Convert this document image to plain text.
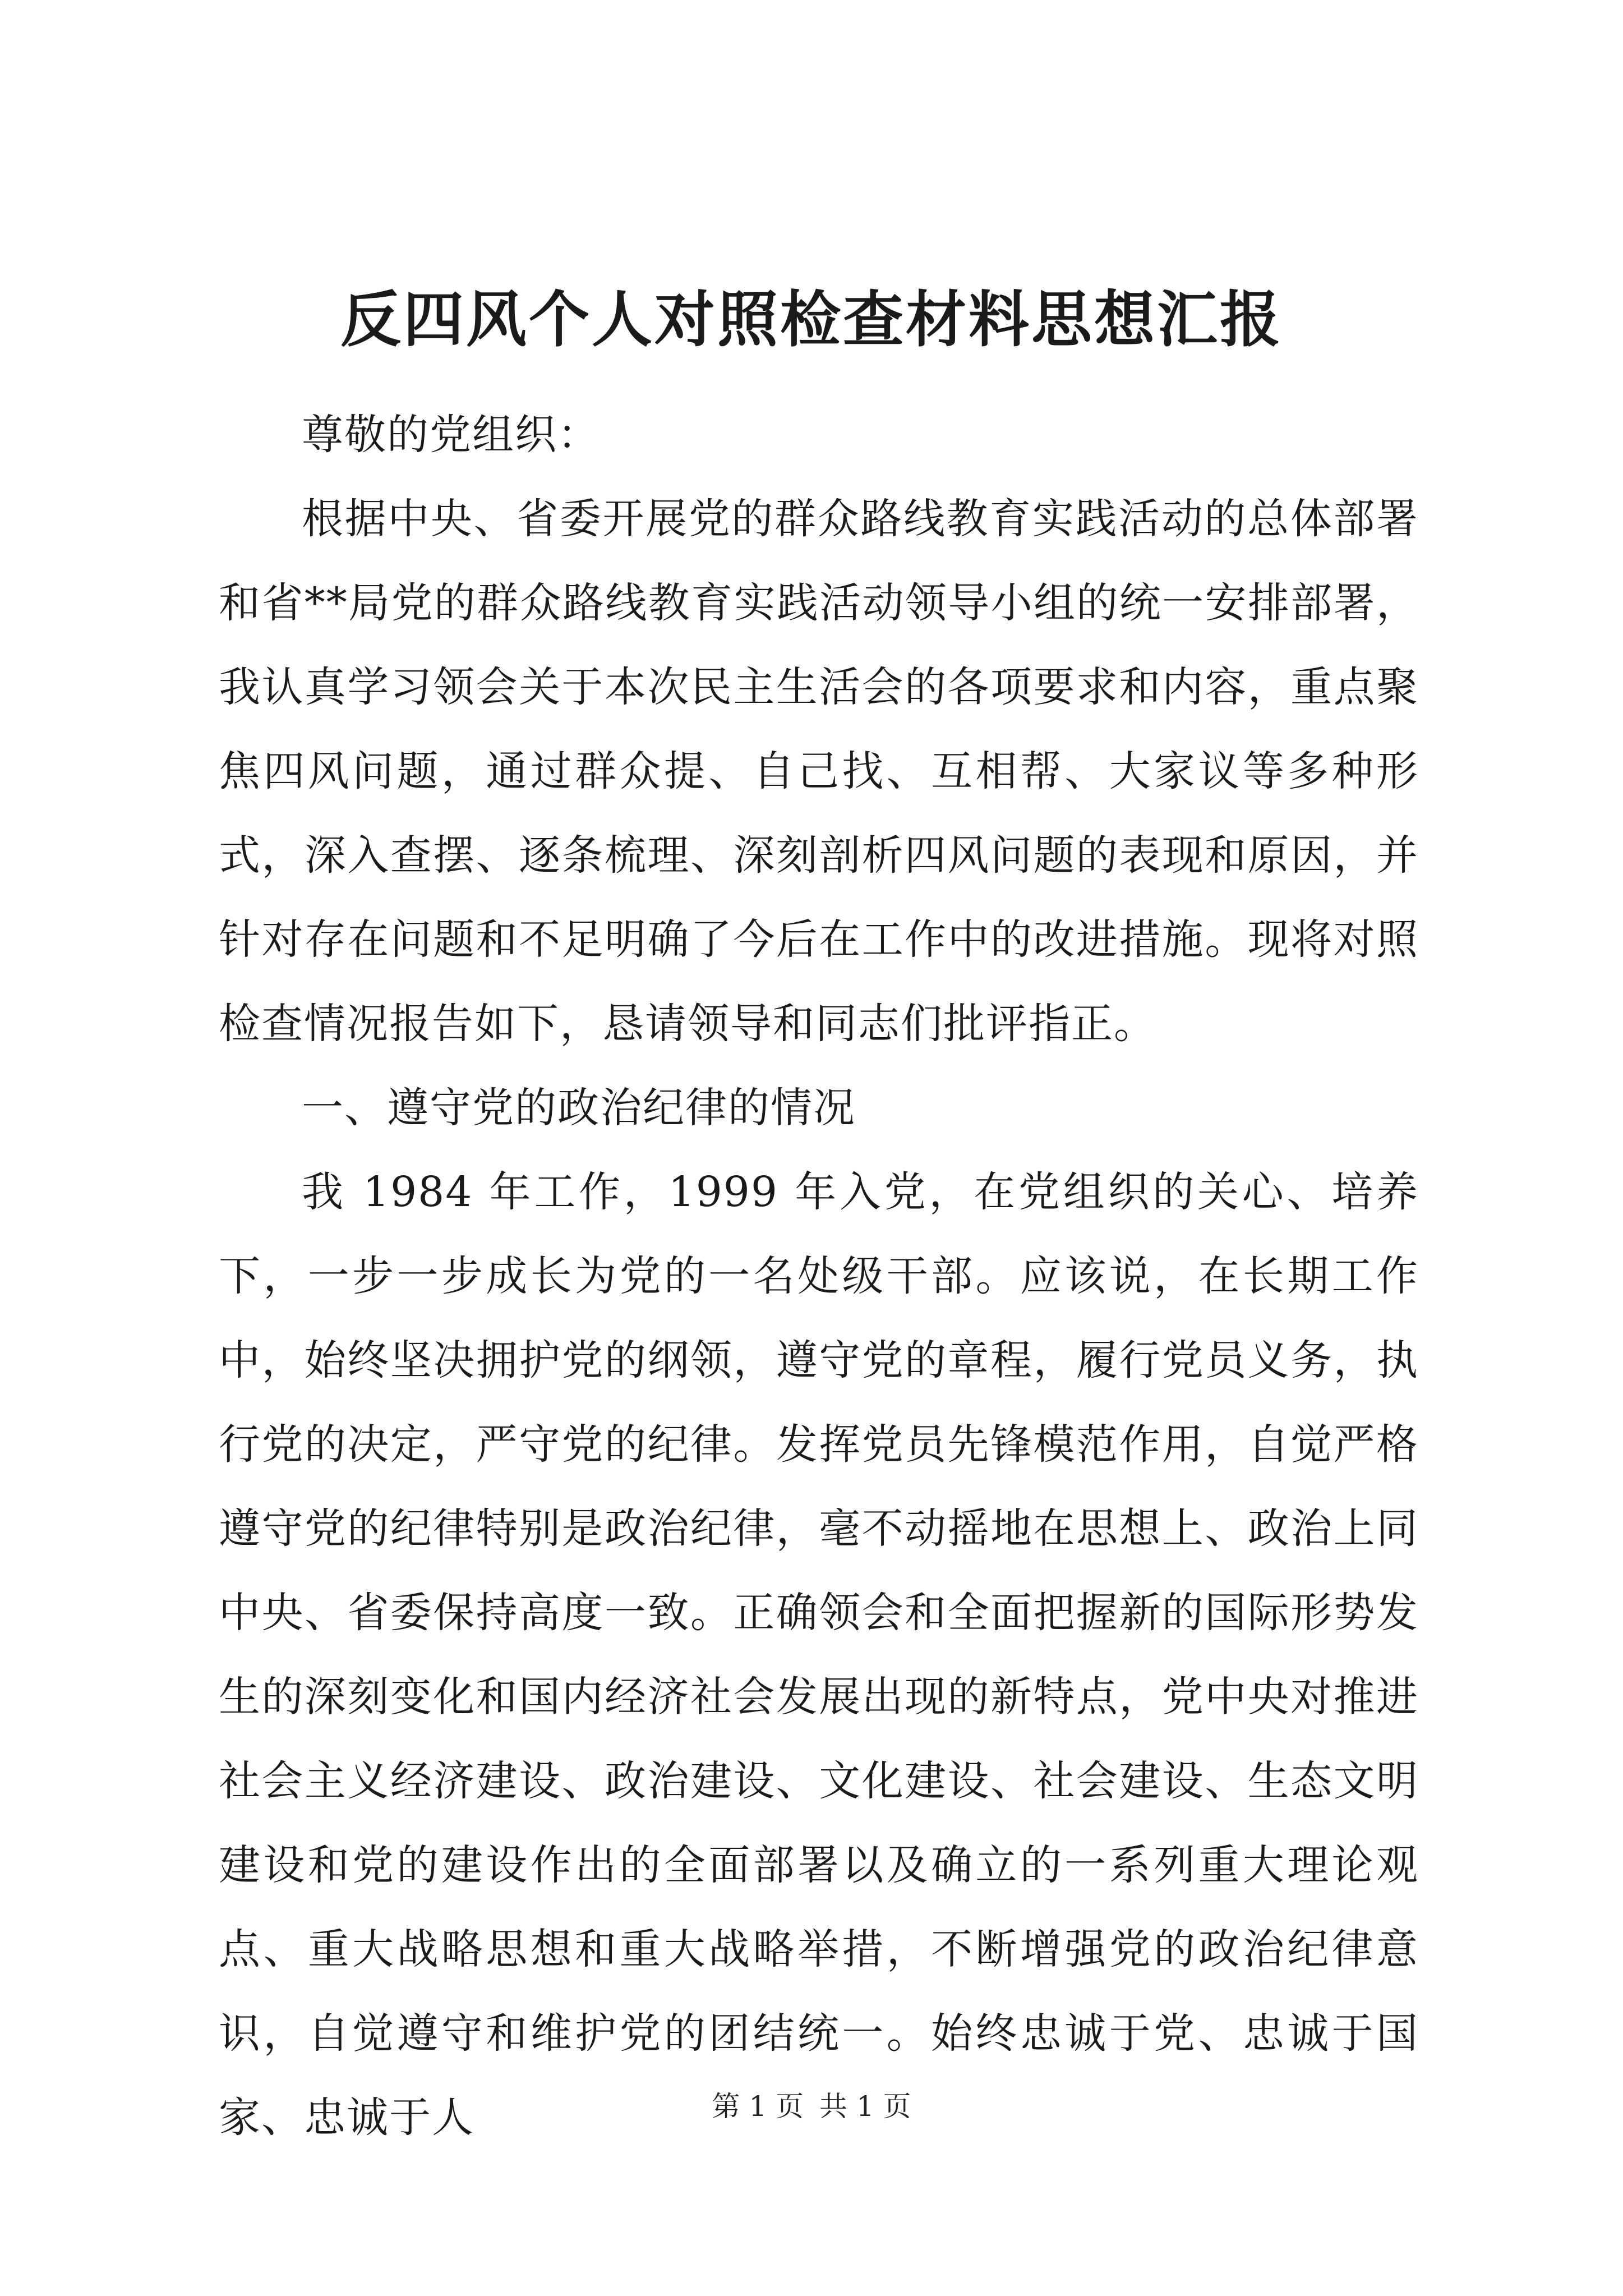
反四风个人对照检查材料思想汇报

尊敬的党组织：

根据中央、省委开展党的群众路线教育实践活动的总体部署和省**局党的群众路线教育实践活动领导小组的统一安排部署，我认真学习领会关于本次民主生活会的各项要求和内容，重点聚焦四风问题，通过群众提、自己找、互相帮、大家议等多种形式，深入查摆、逐条梳理、深刻剖析四风问题的表现和原因，并针对存在问题和不足明确了今后在工作中的改进措施。现将对照检查情况报告如下，恳请领导和同志们批评指正。

一、遵守党的政治纪律的情况

我 1984 年工作，1999 年入党，在党组织的关心、培养下，一步一步成长为党的一名处级干部。应该说，在长期工作中，始终坚决拥护党的纲领，遵守党的章程，履行党员义务，执行党的决定，严守党的纪律。发挥党员先锋模范作用，自觉严格遵守党的纪律特别是政治纪律，毫不动摇地在思想上、政治上同中央、省委保持高度一致。正确领会和全面把握新的国际形势发生的深刻变化和国内经济社会发展出现的新特点，党中央对推进社会主义经济建设、政治建设、文化建设、社会建设、生态文明建设和党的建设作出的全面部署以及确立的一系列重大理论观点、重大战略思想和重大战略举措，不断增强党的政治纪律意识，自觉遵守和维护党的团结统一。始终忠诚于党、忠诚于国家、忠诚于人	第 1 页 共 1 页
